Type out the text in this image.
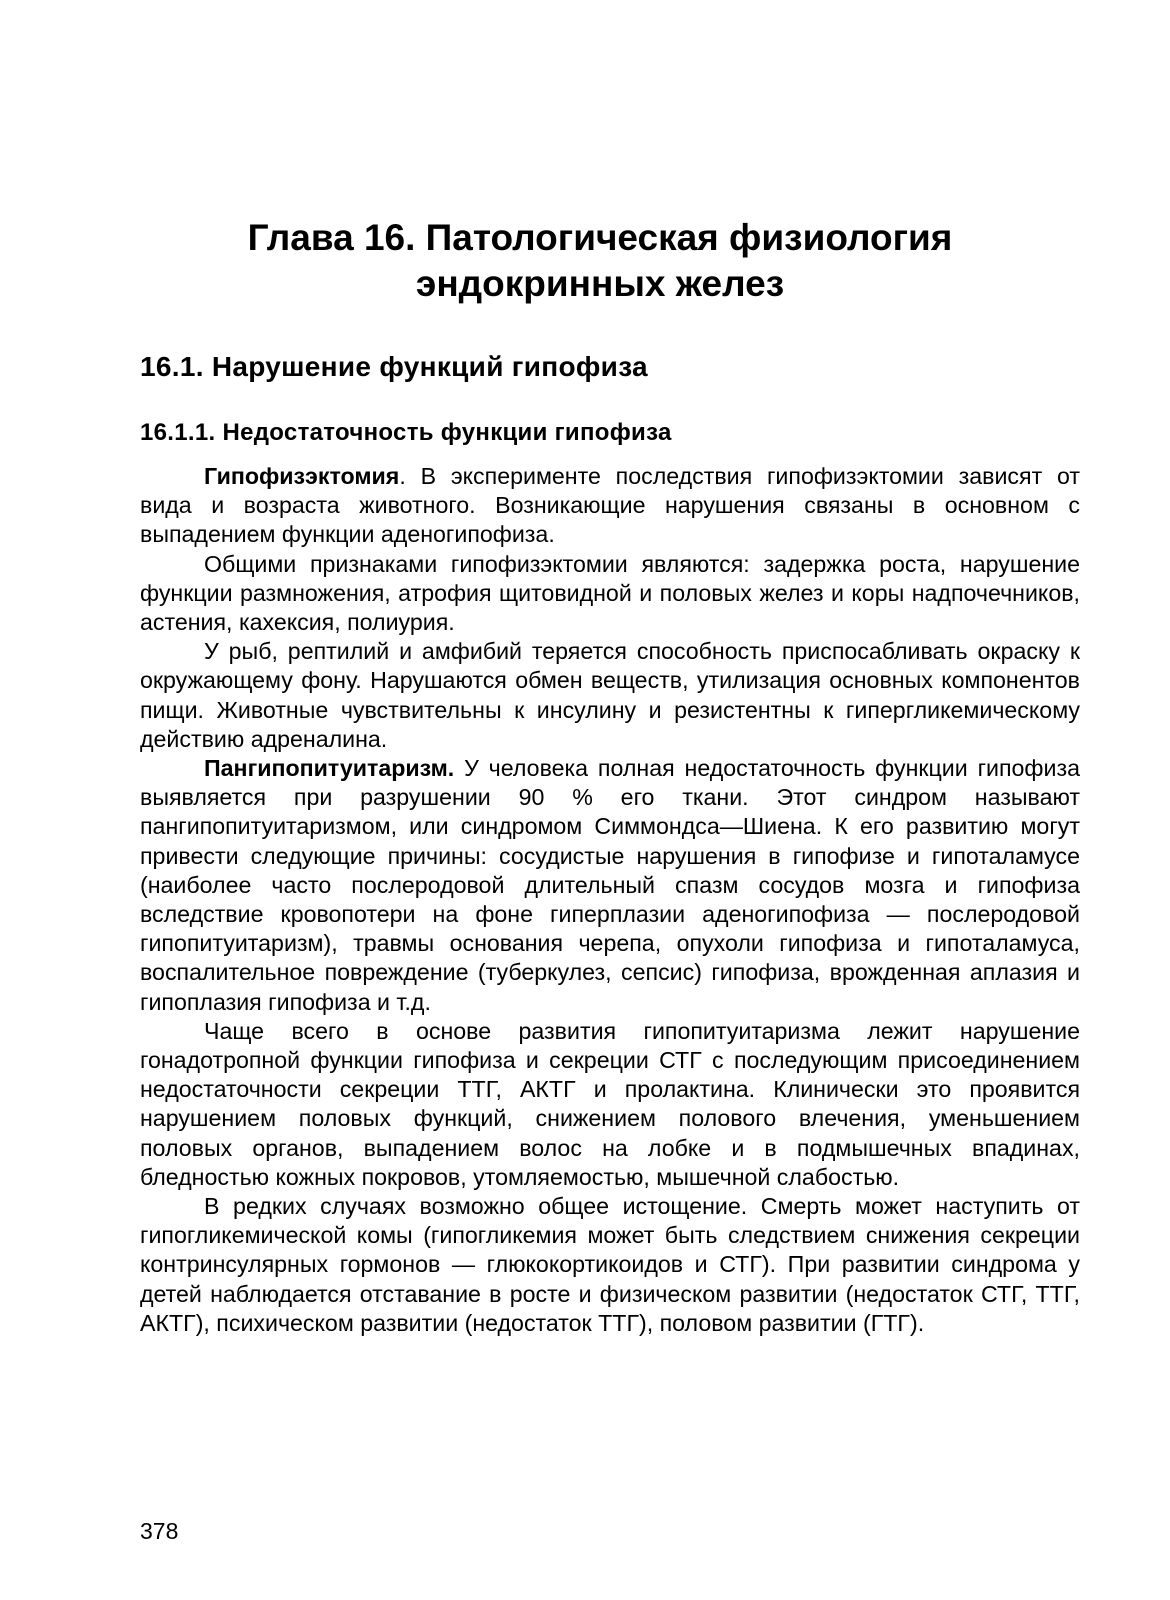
Глава 16. Патологическая физиология
эндокринных желез
16.1. Нарушение функций гипофиза
16.1.1. Недостаточность функции гипофиза

Гипофизэктомия. В эксперименте последствия гипофизэктомии зависят от вида и возраста животного. Возникающие нарушения связаны в основном с выпадением функции аденогипофиза.

Общими признаками гипофизэктомии являются: задержка роста, нарушение функции размножения, атрофия щитовидной и половых желез и коры надпочечников, астения, кахексия, полиурия.

У рыб, рептилий и амфибий теряется способность приспосабливать окраску к окружающему фону. Нарушаются обмен веществ, утилизация основных компонентов пищи. Животные чувствительны к инсулину и резистентны к гипергликемическому действию адреналина.

Пангипопитуитаризм. У человека полная недостаточность функции гипофиза выявляется при разрушении 90 % его ткани. Этот синдром называют пангипопитуитаризмом, или синдромом Симмондса—Шиена. К его развитию могут привести следующие причины: сосудистые нарушения в гипофизе и гипоталамусе (наиболее часто послеродовой длительный спазм сосудов мозга и гипофиза вследствие кровопотери на фоне гиперплазии аденогипофиза — послеродовой гипопитуитаризм), травмы основания черепа, опухоли гипофиза и гипоталамуса, воспалительное повреждение (туберкулез, сепсис) гипофиза, врожденная аплазия и гипоплазия гипофиза и т.д.

Чаще всего в основе развития гипопитуитаризма лежит нарушение гонадотропной функции гипофиза и секреции СТГ с последующим присоединением недостаточности секреции ТТГ, АКТГ и пролактина. Клинически это проявится нарушением половых функций, снижением полового влечения, уменьшением половых органов, выпадением волос на лобке и в подмышечных впадинах, бледностью кожных покровов, утомляемостью, мышечной слабостью.

В редких случаях возможно общее истощение. Смерть может наступить от гипогликемической комы (гипогликемия может быть следствием снижения секреции контринсулярных гормонов — глюкокортикоидов и СТГ). При развитии синдрома у детей наблюдается отставание в росте и физическом развитии (недостаток СТГ, ТТГ, АКТГ), психическом развитии (недостаток ТТГ), половом развитии (ГТГ).

378
